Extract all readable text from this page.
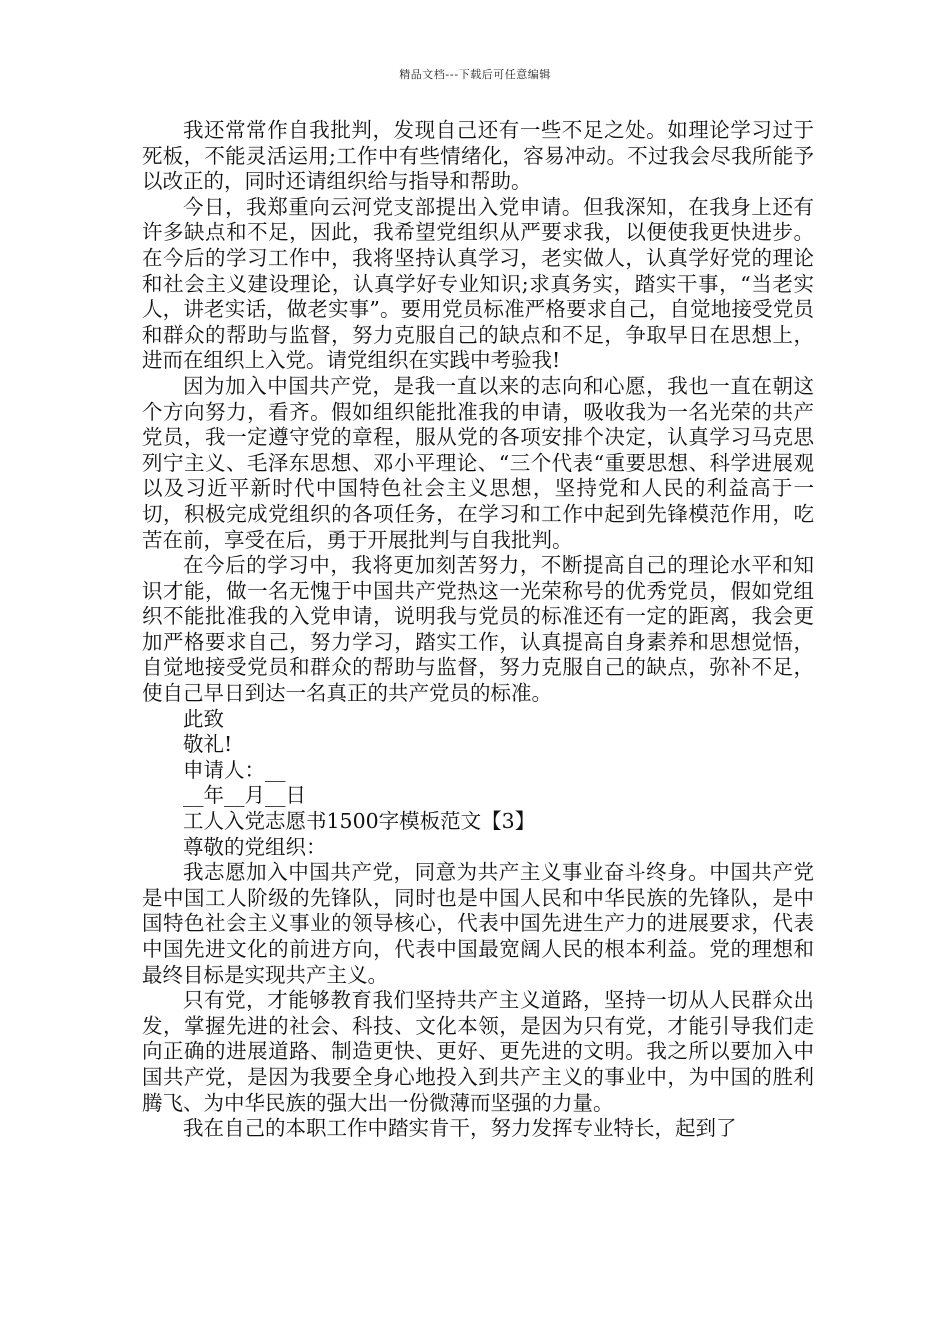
精品文档---下载后可任意编辑

我还常常作自我批判，发现自己还有一些不足之处。如理论学习过于死板，不能灵活运用;工作中有些情绪化，容易冲动。不过我会尽我所能予以改正的，同时还请组织给与指导和帮助。

今日，我郑重向云河党支部提出入党申请。但我深知，在我身上还有许多缺点和不足，因此，我希望党组织从严要求我，以便使我更快进步。在今后的学习工作中，我将坚持认真学习，老实做人，认真学好党的理论和社会主义建设理论，认真学好专业知识;求真务实，踏实干事，“当老实人，讲老实话，做老实事”。要用党员标准严格要求自己，自觉地接受党员和群众的帮助与监督，努力克服自己的缺点和不足，争取早日在思想上，进而在组织上入党。请党组织在实践中考验我!

因为加入中国共产党，是我一直以来的志向和心愿，我也一直在朝这个方向努力，看齐。假如组织能批准我的申请，吸收我为一名光荣的共产党员，我一定遵守党的章程，服从党的各项安排个决定，认真学习马克思列宁主义、毛泽东思想、邓小平理论、“三个代表“重要思想、科学进展观以及习近平新时代中国特色社会主义思想，坚持党和人民的利益高于一切，积极完成党组织的各项任务，在学习和工作中起到先锋模范作用，吃苦在前，享受在后，勇于开展批判与自我批判。

在今后的学习中，我将更加刻苦努力，不断提高自己的理论水平和知识才能，做一名无愧于中国共产党热这一光荣称号的优秀党员，假如党组织不能批准我的入党申请，说明我与党员的标准还有一定的距离，我会更加严格要求自己，努力学习，踏实工作，认真提高自身素养和思想觉悟，自觉地接受党员和群众的帮助与监督，努力克服自己的缺点，弥补不足，使自己早日到达一名真正的共产党员的标准。

此致

敬礼!

申请人：__

__年__月__日

工人入党志愿书1500字模板范文【3】

尊敬的党组织：

我志愿加入中国共产党，同意为共产主义事业奋斗终身。中国共产党是中国工人阶级的先锋队，同时也是中国人民和中华民族的先锋队，是中国特色社会主义事业的领导核心，代表中国先进生产力的进展要求，代表中国先进文化的前进方向，代表中国最宽阔人民的根本利益。党的理想和最终目标是实现共产主义。

只有党，才能够教育我们坚持共产主义道路，坚持一切从人民群众出发，掌握先进的社会、科技、文化本领，是因为只有党，才能引导我们走向正确的进展道路、制造更快、更好、更先进的文明。我之所以要加入中国共产党，是因为我要全身心地投入到共产主义的事业中，为中国的胜利腾飞、为中华民族的强大出一份微薄而坚强的力量。

我在自己的本职工作中踏实肯干，努力发挥专业特长，起到了
